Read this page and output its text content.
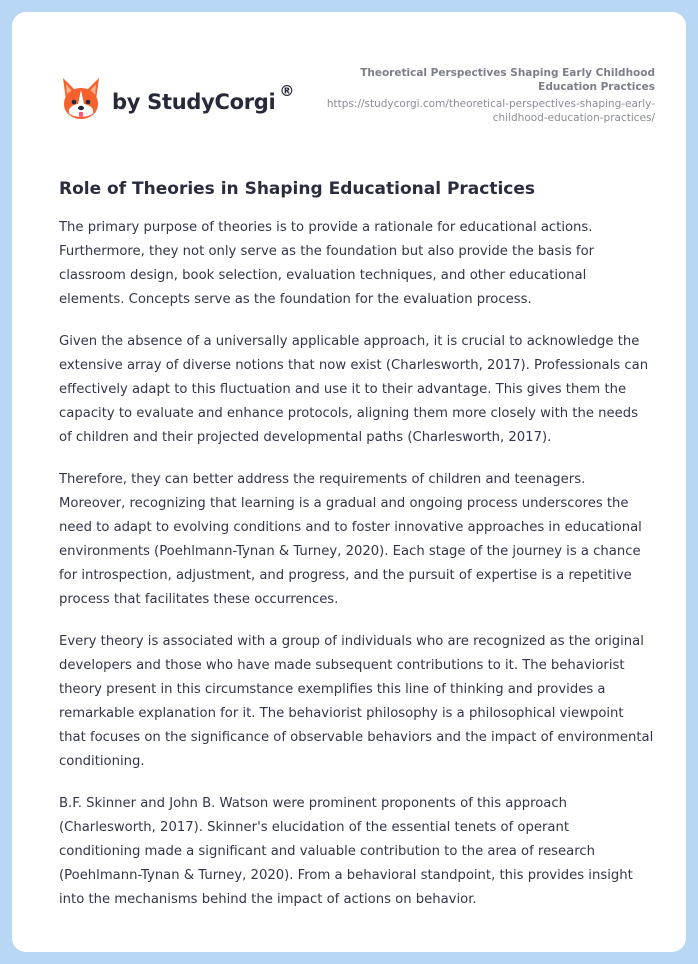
by StudyCorgi ®
Theoretical Perspectives Shaping Early Childhood Education Practices
https://studycorgi.com/theoretical-perspectives-shaping-early-childhood-education-practices/
Role of Theories in Shaping Educational Practices

The primary purpose of theories is to provide a rationale for educational actions. Furthermore, they not only serve as the foundation but also provide the basis for classroom design, book selection, evaluation techniques, and other educational elements. Concepts serve as the foundation for the evaluation process.

Given the absence of a universally applicable approach, it is crucial to acknowledge the extensive array of diverse notions that now exist (Charlesworth, 2017). Professionals can effectively adapt to this fluctuation and use it to their advantage. This gives them the capacity to evaluate and enhance protocols, aligning them more closely with the needs of children and their projected developmental paths (Charlesworth, 2017).

Therefore, they can better address the requirements of children and teenagers. Moreover, recognizing that learning is a gradual and ongoing process underscores the need to adapt to evolving conditions and to foster innovative approaches in educational environments (Poehlmann-Tynan & Turney, 2020). Each stage of the journey is a chance for introspection, adjustment, and progress, and the pursuit of expertise is a repetitive process that facilitates these occurrences.

Every theory is associated with a group of individuals who are recognized as the original developers and those who have made subsequent contributions to it. The behaviorist theory present in this circumstance exemplifies this line of thinking and provides a remarkable explanation for it. The behaviorist philosophy is a philosophical viewpoint that focuses on the significance of observable behaviors and the impact of environmental conditioning.

B.F. Skinner and John B. Watson were prominent proponents of this approach (Charlesworth, 2017). Skinner's elucidation of the essential tenets of operant conditioning made a significant and valuable contribution to the area of research (Poehlmann-Tynan & Turney, 2020). From a behavioral standpoint, this provides insight into the mechanisms behind the impact of actions on behavior.
